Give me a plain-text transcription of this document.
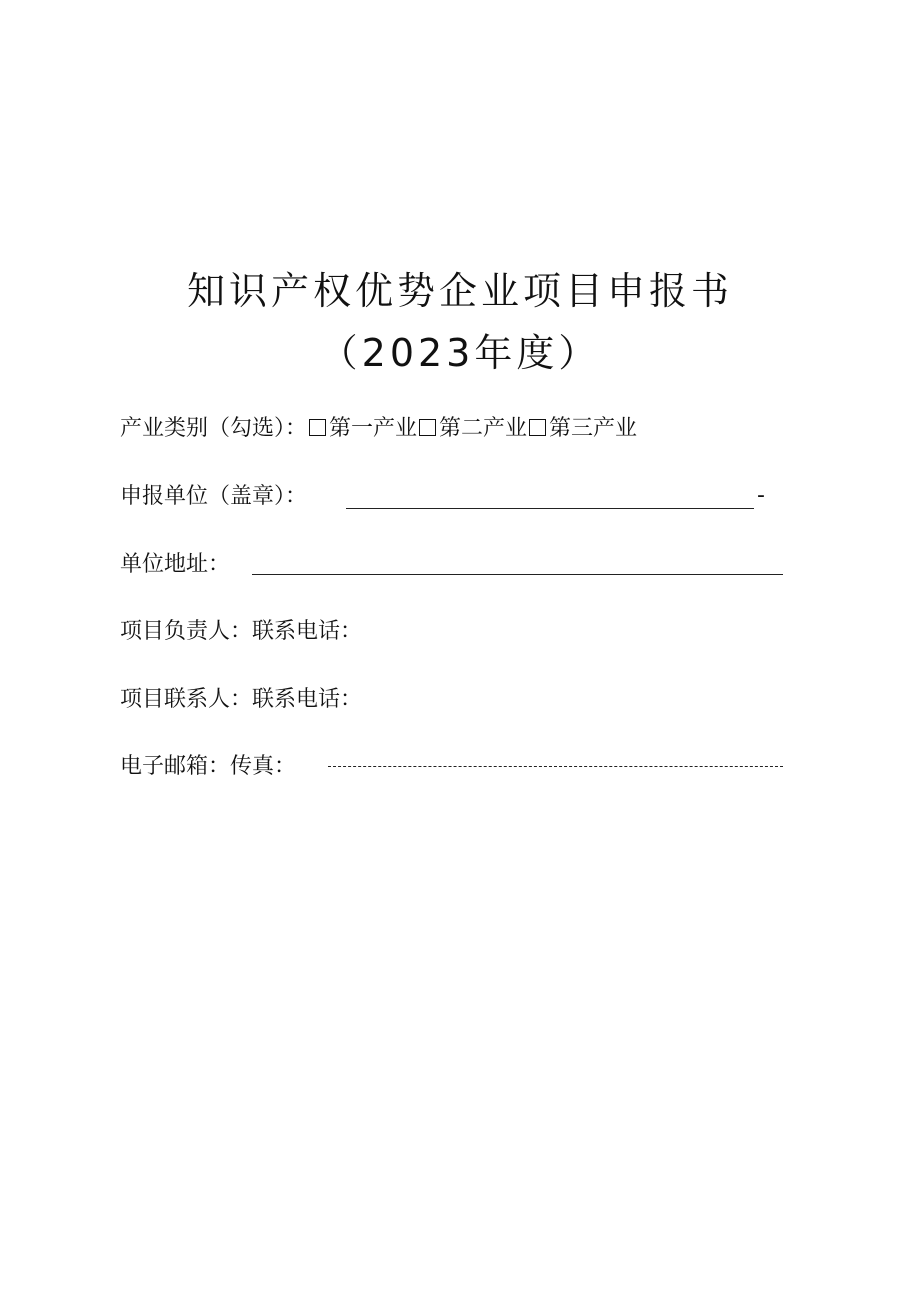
知识产权优势企业项目申报书
（2023年度）
产业类别（勾选）： 第一产业 第二产业 第三产业
申报单位（盖章）：	-
单位地址：
项目负责人：联系电话：
项目联系人：联系电话：
电子邮箱：传真：
